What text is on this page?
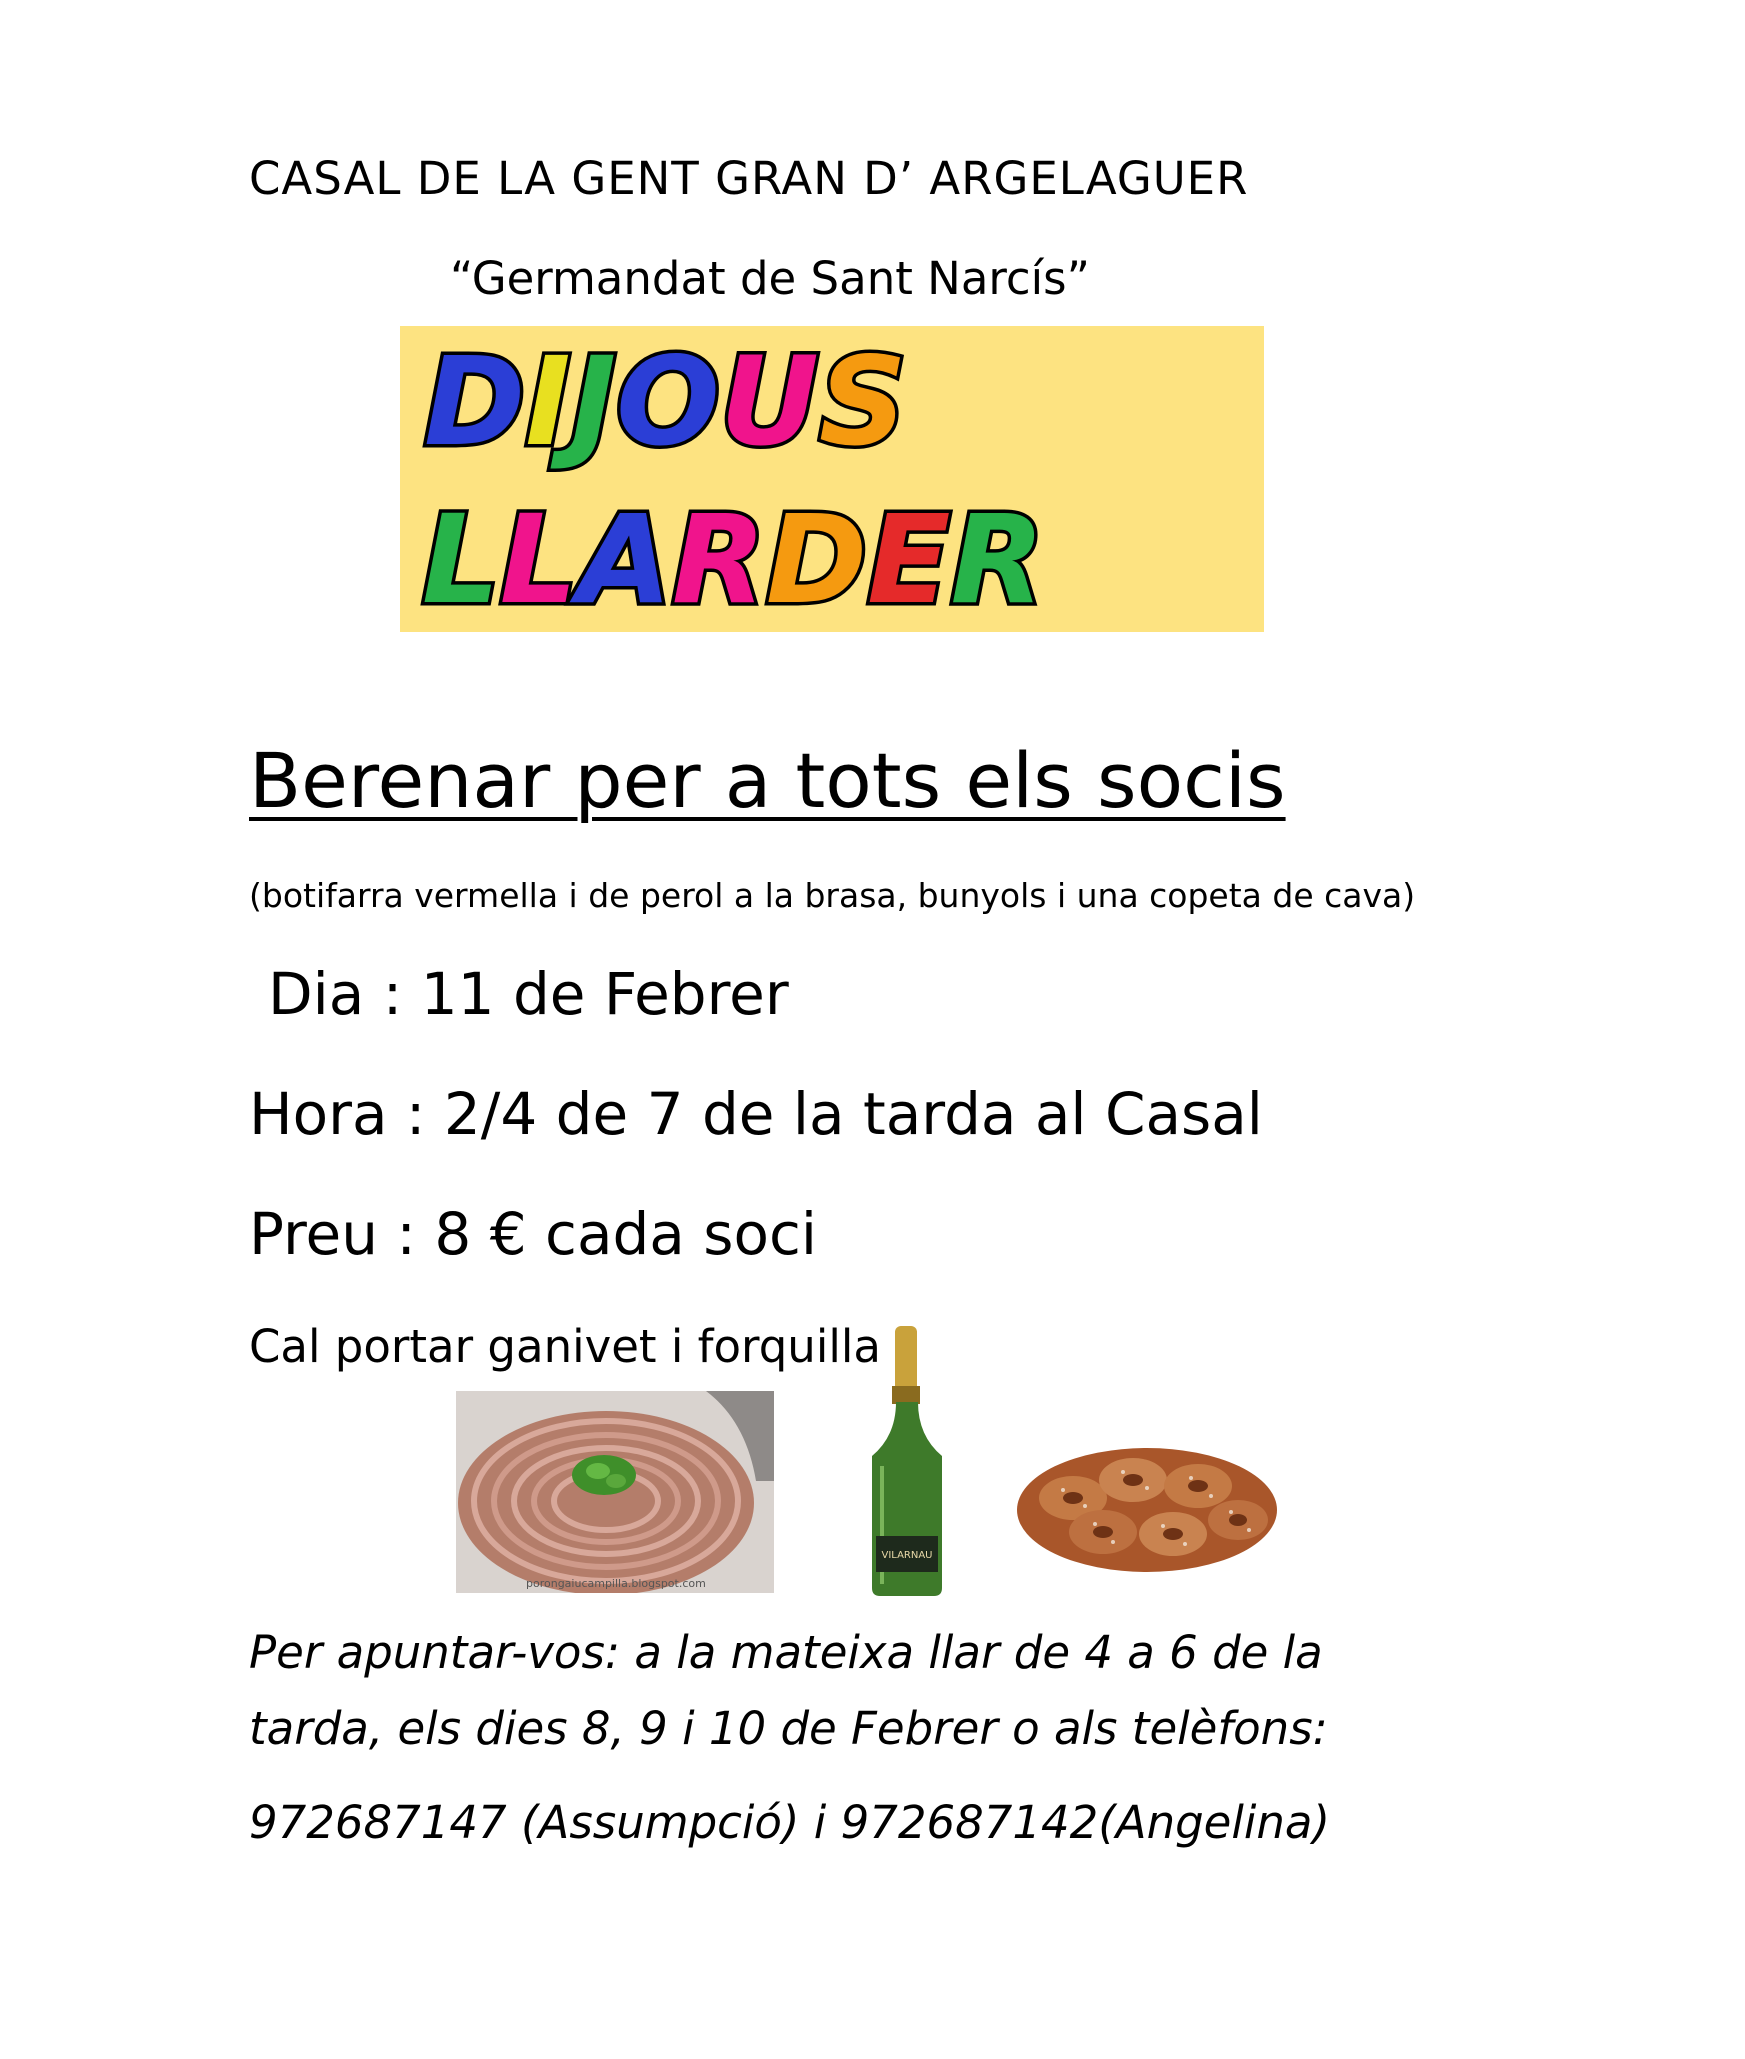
CASAL DE LA GENT GRAN D’ ARGELAGUER
“Germandat de Sant Narcís”
DIJOUS
LLARDER
Berenar per a tots els socis
(botifarra vermella i de perol a la brasa, bunyols i una copeta de cava)
Dia : 11 de Febrer
Hora : 2/4 de 7 de la tarda al Casal
Preu : 8 € cada soci
Cal portar ganivet i forquilla
porongaiucampilla.blogspot.com
VILARNAU
Per apuntar-vos: a la mateixa llar de 4 a 6 de la
tarda, els dies 8, 9 i 10 de Febrer o als telèfons:
972687147 (Assumpció) i 972687142(Angelina)
